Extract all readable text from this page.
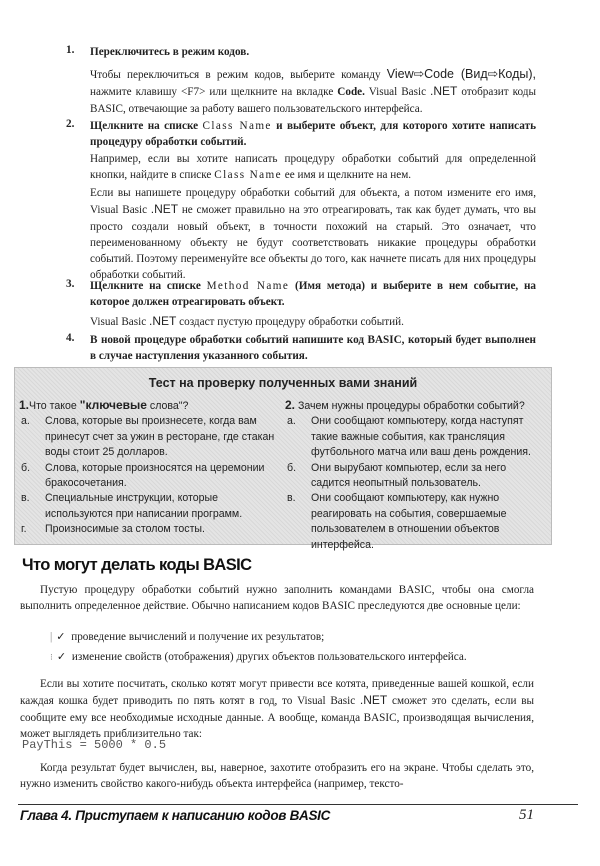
1. Переключитесь в режим кодов.
Чтобы переключиться в режим кодов, выберите команду View⇨Code (Вид⇨Коды), нажмите клавишу <F7> или щелкните на вкладке Code. Visual Basic .NET отобразит коды BASIC, отвечающие за работу вашего пользовательского интерфейса.
2. Щелкните на списке Class Name и выберите объект, для которого хотите написать процедуру обработки событий.
Например, если вы хотите написать процедуру обработки событий для определенной кнопки, найдите в списке Class Name ее имя и щелкните на нем.
Если вы напишете процедуру обработки событий для объекта, а потом измените его имя, Visual Basic .NET не сможет правильно на это отреагировать, так как будет думать, что вы просто создали новый объект, в точности похожий на старый. Это означает, что переименованному объекту не будут соответствовать никакие процедуры обработки событий. Поэтому переименуйте все объекты до того, как начнете писать для них процедуры обработки событий.
3. Щелкните на списке Method Name (Имя метода) и выберите в нем событие, на которое должен отреагировать объект.
Visual Basic .NET создаст пустую процедуру обработки событий.
4. В новой процедуре обработки событий напишите код BASIC, который будет выполнен в случае наступления указанного события.
Тест на проверку полученных вами знаний
1.Что такое "ключевые слова"?
а. Слова, которые вы произнесете, когда вам принесут счет за ужин в ресторане, где стакан воды стоит 25 долларов.
б. Слова, которые произносятся на церемонии бракосочетания.
в. Специальные инструкции, которые используются при написании программ.
г. Произносимые за столом тосты.
2. Зачем нужны процедуры обработки событий?
а. Они сообщают компьютеру, когда наступят такие важные события, как трансляция футбольного матча или ваш день рождения.
б. Они вырубают компьютер, если за него садится неопытный пользователь.
в. Они сообщают компьютеру, как нужно реагировать на события, совершаемые пользователем в отношении объектов интерфейса.
Что могут делать коды BASIC
Пустую процедуру обработки событий нужно заполнить командами BASIC, чтобы она смогла выполнить определенное действие. Обычно написанием кодов BASIC преследуются две основные цели:
| ✓ проведение вычислений и получение их результатов;
⁝ ✓ изменение свойств (отображения) других объектов пользовательского интерфейса.
Если вы хотите посчитать, сколько котят могут привести все котята, приведенные вашей кошкой, если каждая кошка будет приводить по пять котят в год, то Visual Basic .NET сможет это сделать, если вы сообщите ему все необходимые исходные данные. А вообще, команда BASIC, производящая вычисления, может выглядеть приблизительно так:
PayThis = 5000 * 0.5
Когда результат будет вычислен, вы, наверное, захотите отобразить его на экране. Чтобы сделать это, нужно изменить свойство какого-нибудь объекта интерфейса (например, тексто-
Глава 4. Приступаем к написанию кодов BASIC	51
